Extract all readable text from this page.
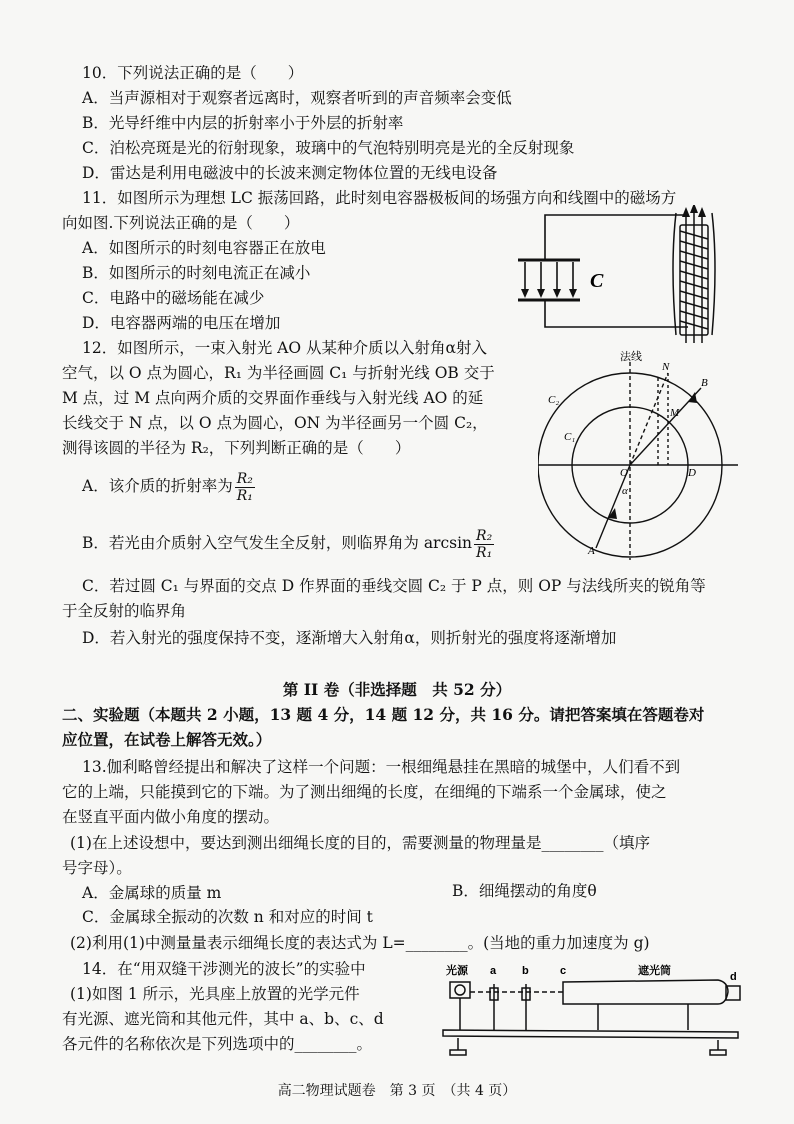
10．下列说法正确的是（　　）
A．当声源相对于观察者远离时，观察者听到的声音频率会变低
B．光导纤维中内层的折射率小于外层的折射率
C．泊松亮斑是光的衍射现象，玻璃中的气泡特别明亮是光的全反射现象
D．雷达是利用电磁波中的长波来测定物体位置的无线电设备
11．如图所示为理想 LC 振荡回路，此时刻电容器极板间的场强方向和线圈中的磁场方
向如图.下列说法正确的是（　　）
A．如图所示的时刻电容器正在放电
B．如图所示的时刻电流正在减小
C．电路中的磁场能在减少
D．电容器两端的电压在增加
C
12．如图所示，一束入射光 AO 从某种介质以入射角α射入
空气，以 O 点为圆心，R₁ 为半径画圆 C₁ 与折射光线 OB 交于
M 点，过 M 点向两介质的交界面作垂线与入射光线 AO 的延
长线交于 N 点，以 O 点为圆心，ON 为半径画另一个圆 C₂，
测得该圆的半径为 R₂，下列判断正确的是（　　）
A．该介质的折射率为 $\frac{\text{R₂}}{\text{R₁}}$
B．若光由介质射入空气发生全反射，则临界角为 $\arcsin \frac{\text{R₂}}{\text{R₁}}$
C．若过圆 C₁ 与界面的交点 D 作界面的垂线交圆 C₂ 于 P 点，则 OP 与法线所夹的锐角等
于全反射的临界角
D．若入射光的强度保持不变，逐渐增大入射角α，则折射光的强度将逐渐增加
法线
N
B
M
C₂
C₁
O	D
α
A
第 II 卷（非选择题　共 52 分）
二、实验题（本题共 2 小题，13 题 4 分，14 题 12 分，共 16 分。请把答案填在答题卷对
应位置，在试卷上解答无效。）
13.伽利略曾经提出和解决了这样一个问题：一根细绳悬挂在黑暗的城堡中，人们看不到
它的上端，只能摸到它的下端。为了测出细绳的长度，在细绳的下端系一个金属球，使之
在竖直平面内做小角度的摆动。
(1)在上述设想中，要达到测出细绳长度的目的，需要测量的物理量是________（填序
号字母）。
A．金属球的质量 m	B．细绳摆动的角度θ
C．金属球全振动的次数 n 和对应的时间 t
(2)利用(1)中测量量表示细绳长度的表达式为 L=________。(当地的重力加速度为 g)
14．在“用双缝干涉测光的波长”的实验中
(1)如图 1 所示，光具座上放置的光学元件
有光源、遮光筒和其他元件，其中 a、b、c、d
各元件的名称依次是下列选项中的________。
光源 a b	c	遮光筒	d
高二物理试题卷　第 3 页　（共 4 页）
